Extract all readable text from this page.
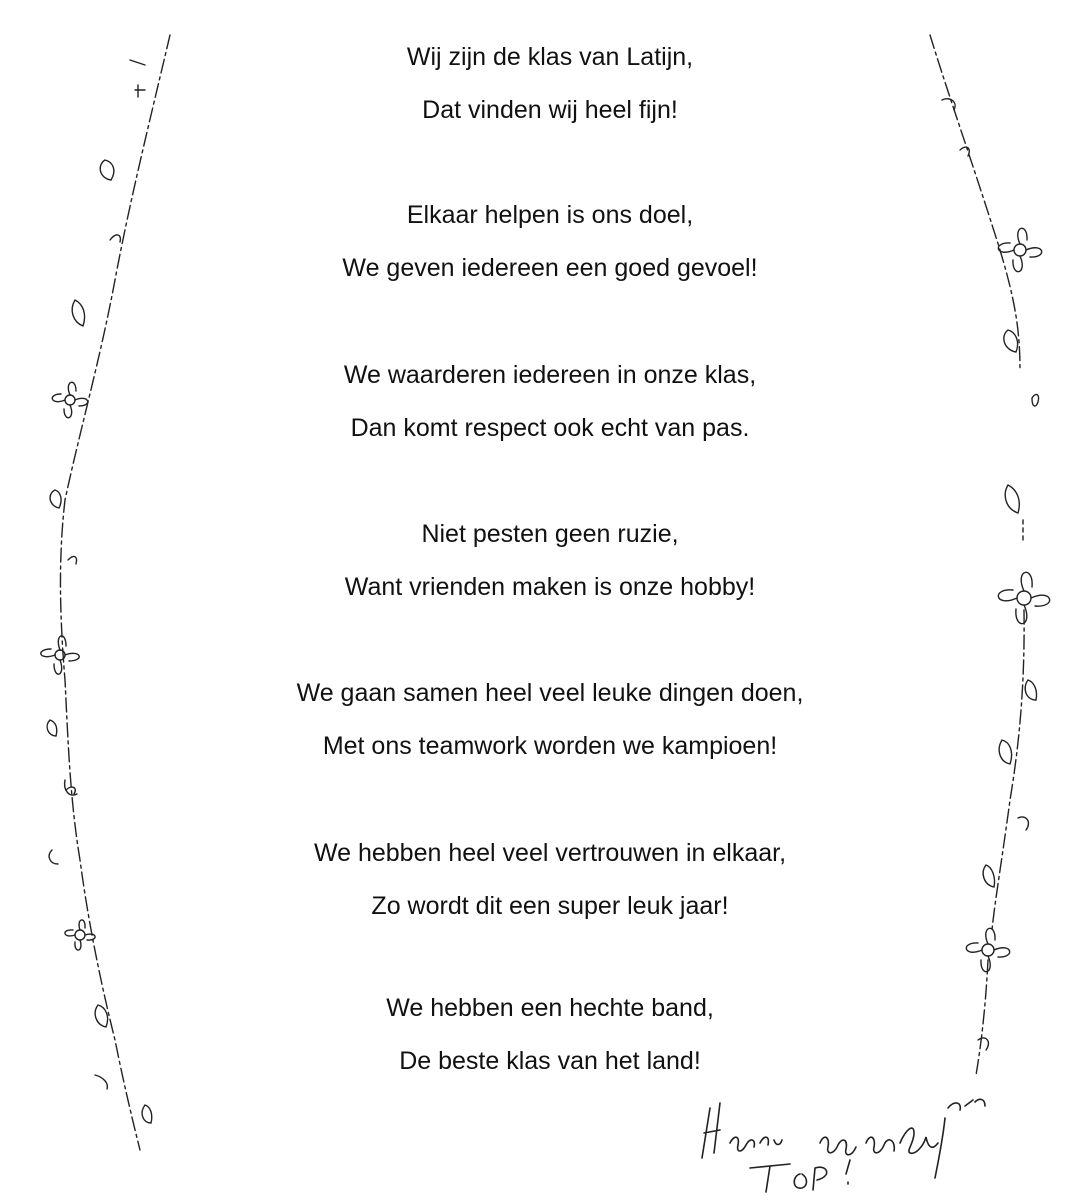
Wij zijn de klas van Latijn,
Dat vinden wij heel fijn!
Elkaar helpen is ons doel,
We geven iedereen een goed gevoel!
We waarderen iedereen in onze klas,
Dan komt respect ook echt van pas.
Niet pesten geen ruzie,
Want vrienden maken is onze hobby!
We gaan samen heel veel leuke dingen doen,
Met ons teamwork worden we kampioen!
We hebben heel veel vertrouwen in elkaar,
Zo wordt dit een super leuk jaar!
We hebben een hechte band,
De beste klas van het land!
